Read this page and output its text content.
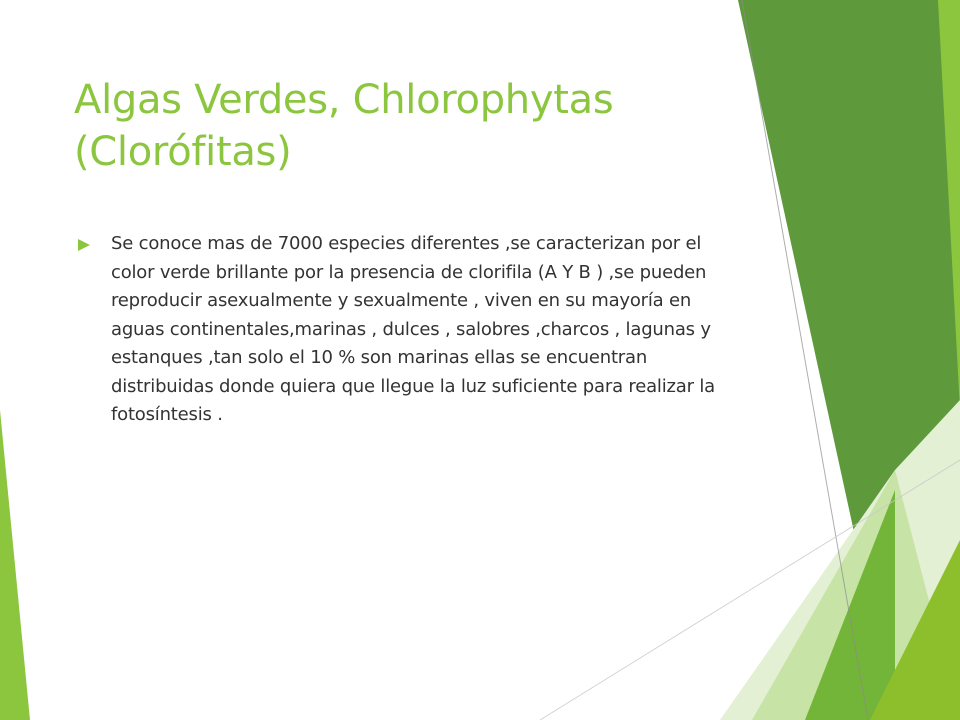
Algas Verdes, Chlorophytas (Clorófitas)
Se conoce mas de 7000 especies diferentes ,se caracterizan por el color verde brillante por la presencia de clorifila (A Y B ) ,se pueden reproducir asexualmente y sexualmente , viven en su mayoría en aguas continentales,marinas , dulces , salobres ,charcos , lagunas y estanques ,tan solo el 10 % son marinas ellas se encuentran distribuidas donde quiera que llegue la luz suficiente para realizar la fotosíntesis .
